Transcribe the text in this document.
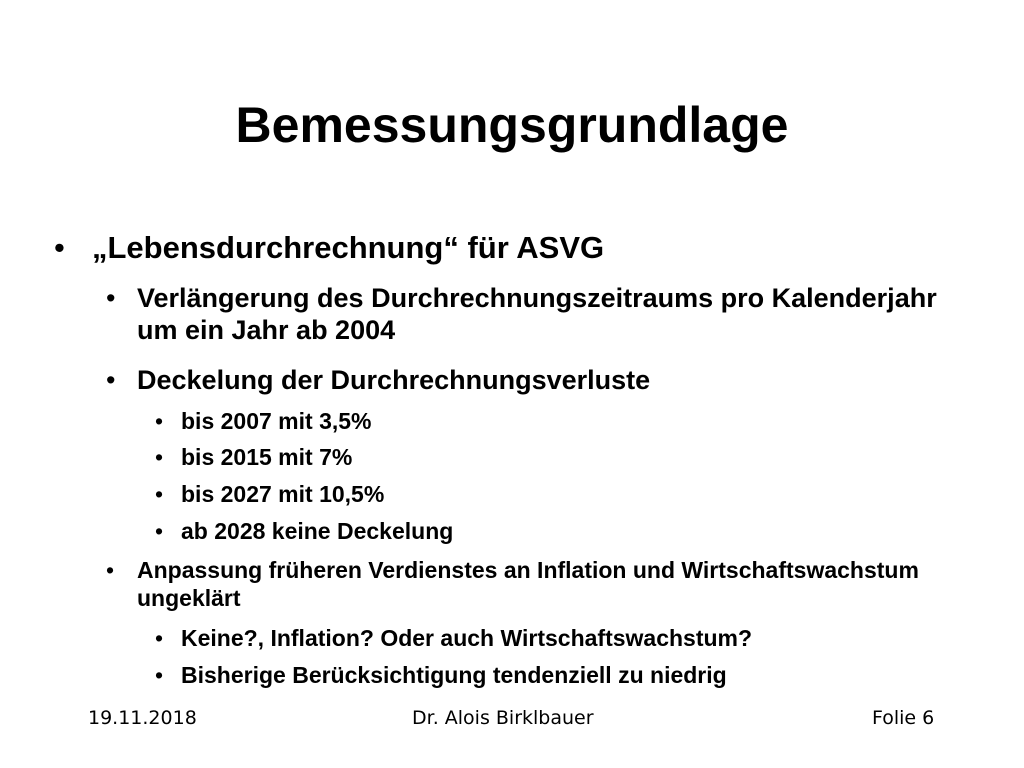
Bemessungsgrundlage

• „Lebensdurchrechnung“ für ASVG

• Verlängerung des Durchrechnungszeitraums pro Kalenderjahr um ein Jahr ab 2004

• Deckelung der Durchrechnungsverluste

• bis 2007 mit 3,5%

• bis 2015 mit 7%

• bis 2027 mit 10,5%

• ab 2028 keine Deckelung

• Anpassung früheren Verdienstes an Inflation und Wirtschaftswachstum ungeklärt

• Keine?, Inflation? Oder auch Wirtschaftswachstum?

• Bisherige Berücksichtigung tendenziell zu niedrig

19.11.2018	Dr. Alois Birklbauer	Folie 6
